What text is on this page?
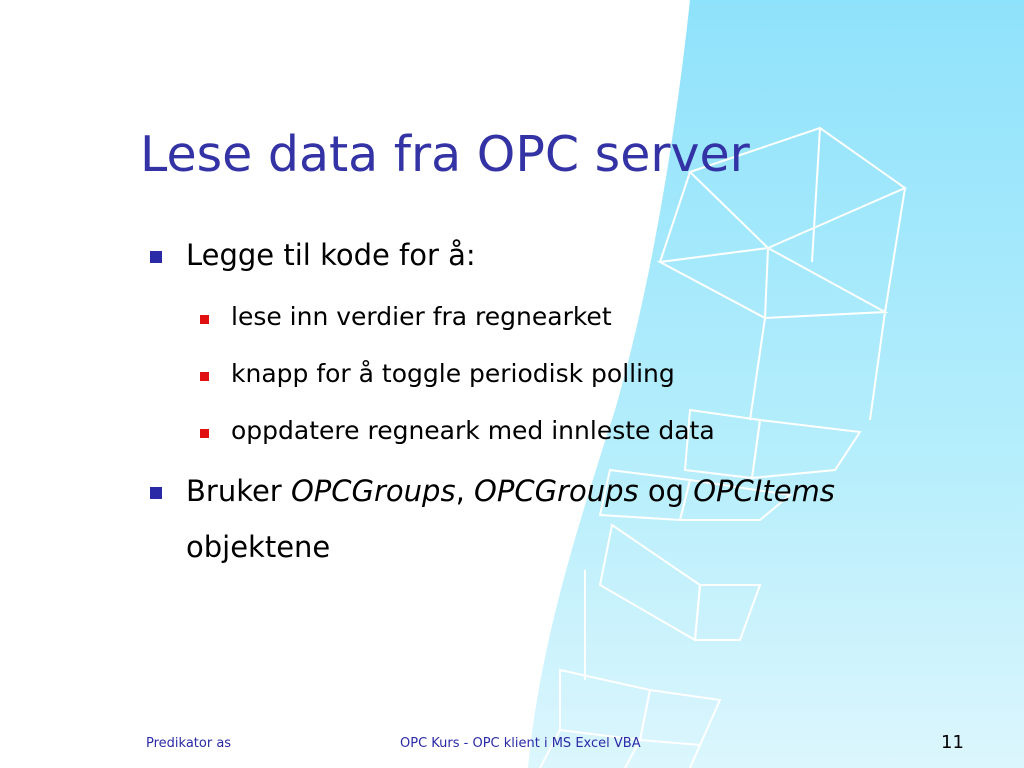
Lese data fra OPC server
Legge til kode for å:
lese inn verdier fra regnearket
knapp for å toggle periodisk polling
oppdatere regneark med innleste data
Bruker OPCGroups, OPCGroups og OPCItems
objektene
Predikator as	OPC Kurs - OPC klient i MS Excel VBA	11
